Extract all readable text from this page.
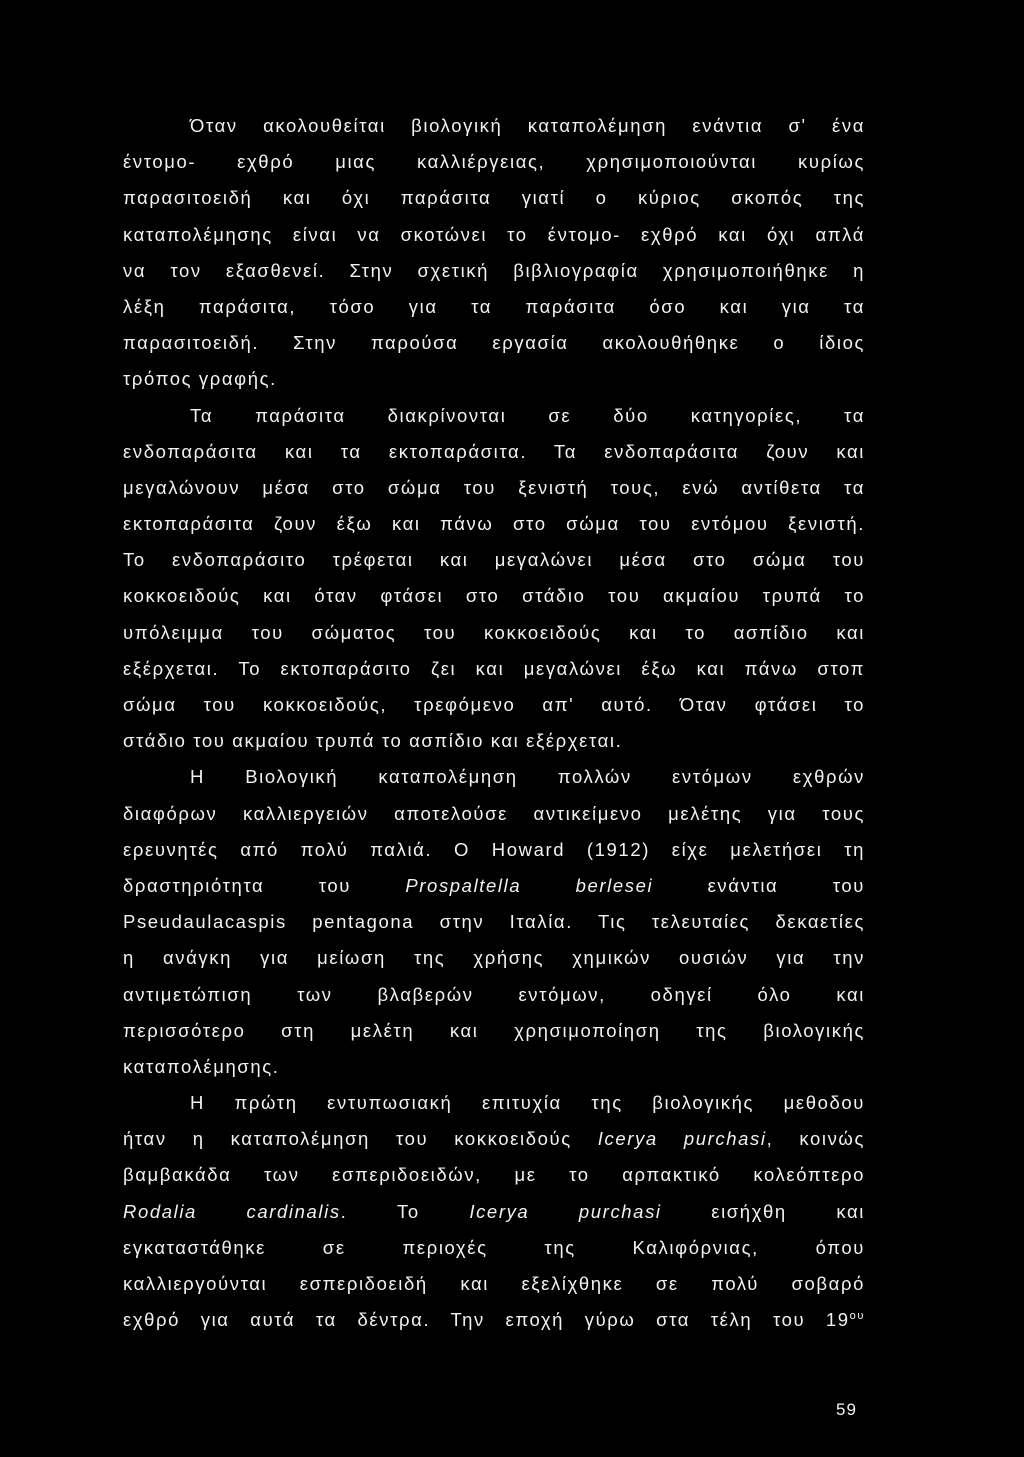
Όταν ακολουθείται βιολογική καταπολέμηση ενάντια σ' ένα
έντομο- εχθρό μιας καλλιέργειας, χρησιμοποιούνται κυρίως
παρασιτοειδή και όχι παράσιτα γιατί ο κύριος σκοπός της
καταπολέμησης είναι να σκοτώνει το έντομο- εχθρό και όχι απλά
να τον εξασθενεί. Στην σχετική βιβλιογραφία χρησιμοποιήθηκε η
λέξη παράσιτα, τόσο για τα παράσιτα όσο και για τα
παρασιτοειδή. Στην παρούσα εργασία ακολουθήθηκε ο ίδιος
τρόπος γραφής.
Τα παράσιτα διακρίνονται σε δύο κατηγορίες, τα
ενδοπαράσιτα και τα εκτοπαράσιτα. Τα ενδοπαράσιτα ζουν και
μεγαλώνουν μέσα στο σώμα του ξενιστή τους, ενώ αντίθετα τα
εκτοπαράσιτα ζουν έξω και πάνω στο σώμα του εντόμου ξενιστή.
Το ενδοπαράσιτο τρέφεται και μεγαλώνει μέσα στο σώμα του
κοκκοειδούς και όταν φτάσει στο στάδιο του ακμαίου τρυπά το
υπόλειμμα του σώματος του κοκκοειδούς και το ασπίδιο και
εξέρχεται. Το εκτοπαράσιτο ζει και μεγαλώνει έξω και πάνω στοπ
σώμα του κοκκοειδούς, τρεφόμενο απ' αυτό. Όταν φτάσει το
στάδιο του ακμαίου τρυπά το ασπίδιο και εξέρχεται.
Η Βιολογική καταπολέμηση πολλών εντόμων εχθρών
διαφόρων καλλιεργειών αποτελούσε αντικείμενο μελέτης για τους
ερευνητές από πολύ παλιά. Ο Howard (1912) είχε μελετήσει τη
δραστηριότητα του Prospaltella berlesei ενάντια του
Pseudaulacaspis pentagona στην Ιταλία. Τις τελευταίες δεκαετίες
η ανάγκη για μείωση της χρήσης χημικών ουσιών για την
αντιμετώπιση των βλαβερών εντόμων, οδηγεί όλο και
περισσότερο στη μελέτη και χρησιμοποίηση της βιολογικής
καταπολέμησης.
Η πρώτη εντυπωσιακή επιτυχία της βιολογικής μεθοδου
ήταν η καταπολέμηση του κοκκοειδούς Icerya purchasi, κοινώς
βαμβακάδα των εσπεριδοειδών, με το αρπακτικό κολεόπτερο
Rodalia cardinalis. Το Icerya purchasi εισήχθη και
εγκαταστάθηκε σε περιοχές της Καλιφόρνιας, όπου
καλλιεργούνται εσπεριδοειδή και εξελίχθηκε σε πολύ σοβαρό
εχθρό για αυτά τα δέντρα. Την εποχή γύρω στα τέλη του $19^{o\upsilon}$
59
